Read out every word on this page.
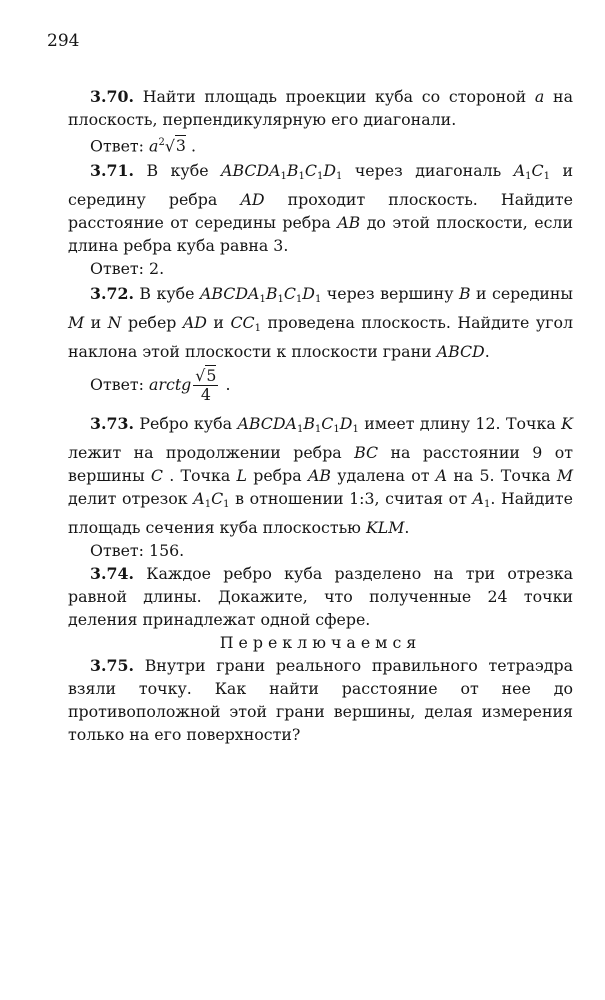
294

3.70. Найти площадь проекции куба со стороной a на плоскость, перпендикулярную его диагонали.

Ответ: $a^2√3$ .

3.71. В кубе $ABCDA_1B_1C_1D_1$ через диагональ $A_1C_1$ и середину ребра AD проходит плоскость. Найдите расстояние от середины ребра AB до этой плоскости, если длина ребра куба равна 3.

Ответ: 2.

3.72. В кубе $ABCDA_1B_1C_1D_1$ через вершину B и середины M и N ребер AD и $CC_1$ проведена плоскость. Найдите угол наклона этой плоскости к плоскости грани ABCD.

Ответ: arctg $\frac{√5}{4}$ .

3.73. Ребро куба $ABCDA_1B_1C_1D_1$ имеет длину 12. Точка K лежит на продолжении ребра BC на расстоянии 9 от вершины C . Точка L ребра AB удалена от A на 5. Точка M делит отрезок $A_1C_1$ в отношении 1:3, считая от $A_1$. Найдите площадь сечения куба плоскостью KLM.

Ответ: 156.

3.74. Каждое ребро куба разделено на три отрезка равной длины. Докажите, что полученные 24 точки деления принадлежат одной сфере.

Переключаемся

3.75. Внутри грани реального правильного тетраэдра взяли точку. Как найти расстояние от нее до противоположной этой грани вершины, делая измерения только на его поверхности?
